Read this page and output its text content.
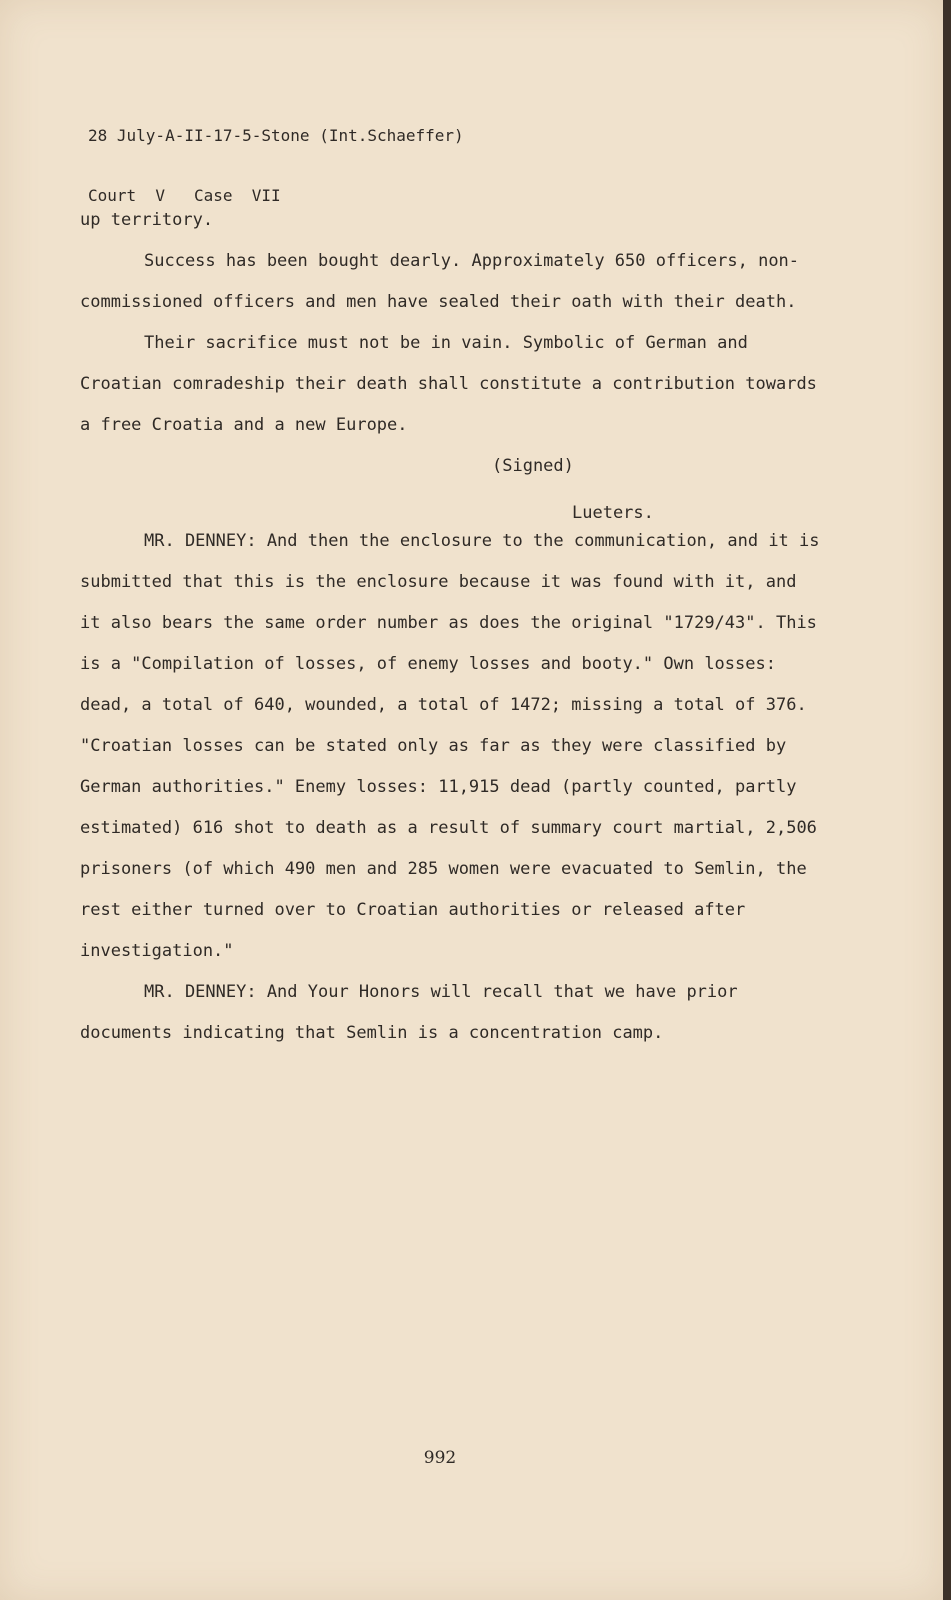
28 July-A-II-17-5-Stone (Int.Schaeffer)

Court  V   Case  VII

up territory.

Success has been bought dearly. Approximately 650 officers, non-commissioned officers and men have sealed their oath with their death.

Their sacrifice must not be in vain. Symbolic of German and Croatian comradeship their death shall constitute a contribution towards a free Croatia and a new Europe.

(Signed)

Lueters.

MR. DENNEY: And then the enclosure to the communication, and it is submitted that this is the enclosure because it was found with it, and it also bears the same order number as does the original "1729/43". This is a "Compilation of losses, of enemy losses and booty." Own losses: dead, a total of 640, wounded, a total of 1472; missing a total of 376. "Croatian losses can be stated only as far as they were classified by German authorities." Enemy losses: 11,915 dead (partly counted, partly estimated) 616 shot to death as a result of summary court martial, 2,506 prisoners (of which 490 men and 285 women were evacuated to Semlin, the rest either turned over to Croatian authorities or released after investigation."

MR. DENNEY: And Your Honors will recall that we have prior documents indicating that Semlin is a concentration camp.

992
